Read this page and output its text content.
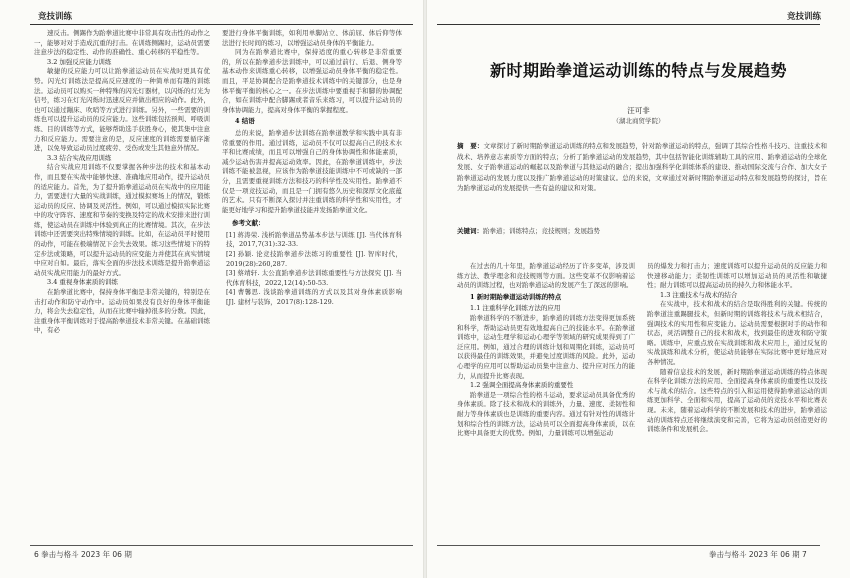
竞技训练

速反击。侧踢作为跆拳道比赛中非常具有攻击性的动作之一，能够对对手造成沉重的打击。在训练侧踢时，运动员需要注意步法的稳定性、动作的准确性、重心转移的平稳性等。

3.2 加强反应能力训练

敏捷的反应能力可以让跆拳道运动员在实战时更具有优势。闪光灯训练法是提高反应速度的一种简单而有趣的训练法。运动员可以购买一种特殊的闪光灯器材，以闪烁的灯光为信号，练习在灯光闪烁时迅速反应并做出相应的动作。此外，也可以通过蹦床、吹哨等方式进行训练。另外，一些需要的训练也可以提升运动员的反应能力。这些训练包括预判、呼吸训练、目的训练等方式，能够帮助选手获胜身心，使其集中注意力和反应能力。需要注意的是，反应速度的训练需要循序渐进，以免导致运动员过度疲劳、受伤或发生其他意外情况。

3.3 结合实战应用训练

结合实战应用训练不仅要掌握各种步法的技术和基本动作，而且要在实战中能够快速、准确地应用动作，提升运动员的适应能力。首先，为了提升跆拳道运动员在实战中的应用能力，需要进行大量的实战训练，通过模拟赛场上的情况，锻炼运动员的反应、协调及灵活性。例如，可以通过模拟实际比赛中的攻守阵容、速度和节奏的变换及特定的战术安排来进行训练，使运动员在训练中体验到真正的比赛情境。其次，在步法训练中还需要突出特殊情境的训练。比如，在运动员平时使用的动作，可能在极端情况下会失去效果。练习这些情境下的特定步法或策略，可以提升运动员的应变能力并使其在真实情境中应对自如。最后，落实全面的步法技术训练是提升跆拳道运动员实战应用能力的最好方式。

3.4 重视身体素质的训练

在跆拳道比赛中，保持身体平衡是非常关键的，特别是在击打动作和防守动作中。运动员如果没有良好的身体平衡能力，将会失去稳定性，从而在比赛中输掉很多的分数。因此，注重身体平衡训练对于提高跆拳道技术非常关键。在基础训练中，有必

要进行身体平衡训练，如利用单脚站立、体前屈、体后仰等体法进行长时间的练习，以增强运动员身体的平衡能力。

同为在跆拳道比赛中，保持适度的重心转移是非常重要的，所以在跆拳道步法训练中，可以通过前行、后退、侧身等基本动作来训练重心转移，以增强运动员身体平衡的稳定性。而且，平足协调配合是跆拳道技术训练中的关键部分，也是身体平衡平衡的核心之一。在步法训练中要重视手和脚的协调配合，如在训练中配合脚踢或者音乐来练习，可以提升运动员的身体协调能力，提高对身体平衡的掌握程度。

4 结语

总的来说，跆拳道步法训练在跆拳道教学和实践中具有非常重要的作用。通过训练，运动员不仅可以提高自己的技术水平和比赛成绩，而且可以增强自己的身体协调性和体能素质，减少运动伤害并提高运动效率。因此，在跆拳道训练中，步法训练不能被忽视，应该作为跆拳道技能训练中不可或缺的一部分，且需要重视训练方法和技巧的科学性及实用性。跆拳道不仅是一项竞技运动，而且是一门拥有悠久历史和深厚文化底蕴的艺术。只有不断深入探讨并注重训练的科学性和实用性，才能更好地学习和提升跆拳道技能并发扬跆拳道文化。

参考文献：

[1] 蒋涛荣. 浅析跆拳道品势基本步法与训练 [J]. 当代体育科技，2017,7(31):32-33.

[2] 孙颖. 论竞技跆拳道步法练习的重要性 [J]. 智库时代，2019(28):260,287.

[3] 蔡靖轩. 太公直跆拳道步法训练重要性与方法探究 [J]. 当代体育科技，2022,12(14):50-53.

[4] 曹馨思. 浅谈跆拳道训练的方式以及其对身体素质影响 [J]. 建材与装饰，2017(8):128-129.

6 拳击与格斗 2023 年 06 期
竞技训练
新时期跆拳道运动训练的特点与发展趋势
汪可非
（湖北商贸学院）
摘　要：文章探讨了新时期跆拳道运动训练的特点和发展趋势，针对跆拳道运动的特点，强调了其综合性格斗技巧、注重技术和战术、培养意志素质等方面的特点；分析了跆拳道运动的发展趋势，其中包括智能化训练辅助工具的应用、跆拳道运动的全球化发展、女子跆拳道运动的崛起以及跆拳道与其他运动的融合；提出加强科学化训练体系的建设、推动国际交流与合作、加大女子跆拳道运动的发展力度以及推广跆拳道运动的对策建议。总的来说，文章通过对新时期跆拳道运动特点和发展趋势的探讨，旨在为跆拳道运动的发展提供一些有益的建议和对策。
关键词：跆拳道；训练特点；竞技规则；发展趋势

在过去的几十年里，跆拳道运动经历了许多变革，涉及训练方法、教学理念和竞技规则等方面。这些变革不仅影响着运动员的训练过程，也对跆拳道运动的发展产生了深远的影响。

1 新时期跆拳道运动训练的特点

1.1 注重科学化训练方法的应用

跆拳道科学的不断进步，跆拳道的训练方法变得更加系统和科学，帮助运动员更有效地提高自己的技能水平。在跆拳道训练中，运动生理学和运动心理学等领域的研究成果得到了广泛应用。例如，通过合理的训练计划和周期化训练，运动员可以获得最佳的训练效果，并避免过度训练的风险。此外，运动心理学的应用可以帮助运动员集中注意力、提升应对压力的能力，从而提升比赛表现。

1.2 强调全面提高身体素质的重要性

跆拳道是一项综合性的格斗运动，要求运动员具备优秀的身体素质。除了技术和战术的训练外，力量、速度、柔韧性和耐力等身体素质也是训练的重要内容。通过有针对性的训练计划和综合性的训练方法，运动员可以全面提高身体素质，以在比赛中具备更大的优势。例如，力量训练可以增强运动

员的爆发力和打击力；速度训练可以提升运动员的反应能力和快速移动能力；柔韧性训练可以增加运动员的灵活性和敏捷性；耐力训练可以提高运动员的持久力和体能水平。

1.3 注重技术与战术的结合

在实战中，技术和战术的结合是取得胜利的关键。传统的跆拳道注重踢腿技术，但新时期的训练将技术与战术相结合，强调技术的实用性和应变能力。运动员需要根据对手的动作和状态，灵活调整自己的技术和战术，找到最佳的进攻和防守策略。训练中，应重点放在实战训练和战术应用上，通过反复的实战演练和战术分析，使运动员能够在实际比赛中更好地应对各种情况。

随着信息技术的发展，新时期跆拳道运动训练的特点体现在科学化训练方法的应用、全面提高身体素质的重要性以及技术与战术的结合。这些特点的引入和运用使得跆拳道运动的训练更加科学、全面和实用，提高了运动员的竞技水平和比赛表现。未来，随着运动科学的不断发展和技术的进步，跆拳道运动的训练特点还将继续演变和完善，它将为运动员创造更好的训练条件和发展机会。

拳击与格斗 2023 年 06 期 7
